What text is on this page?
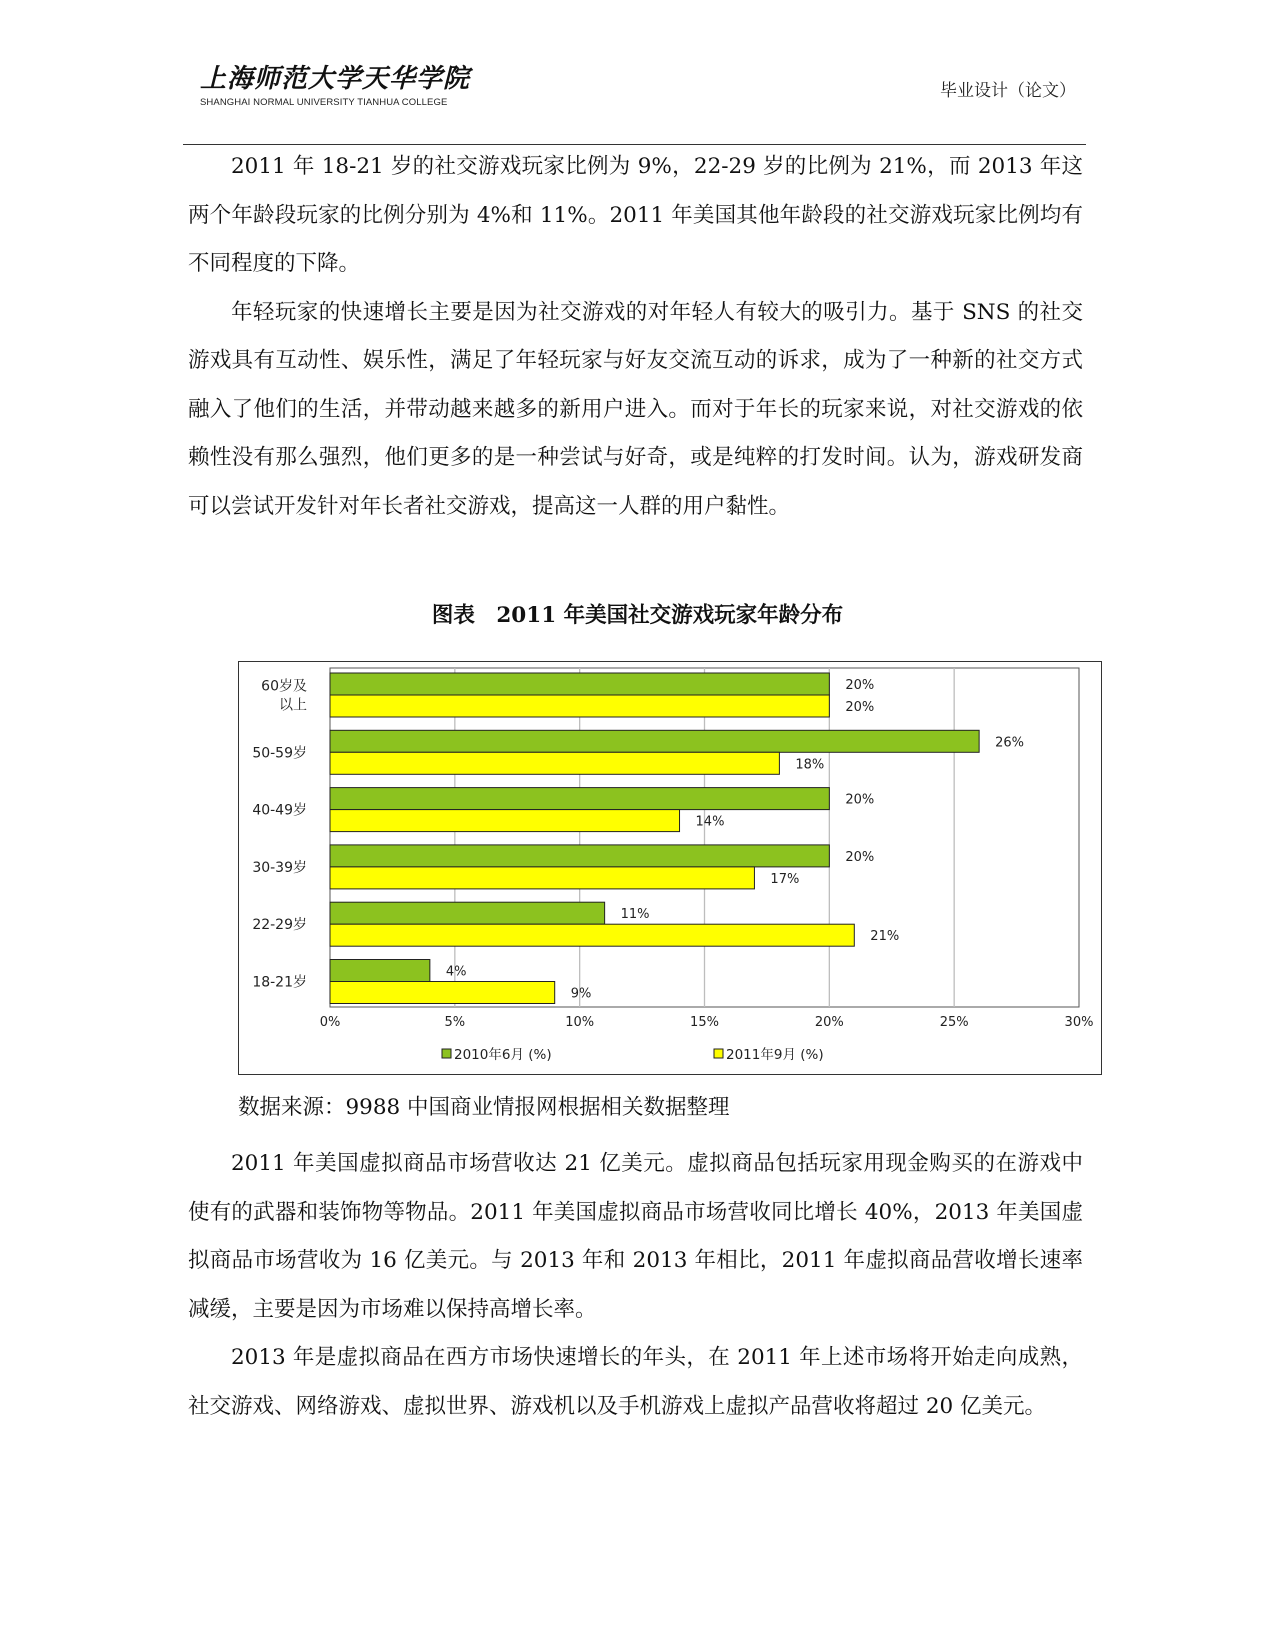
上海师范大学天华学院
SHANGHAI NORMAL UNIVERSITY TIANHUA COLLEGE
毕业设计（论文）

2011 年 18-21 岁的社交游戏玩家比例为 9%，22-29 岁的比例为 21%，而 2013 年这两个年龄段玩家的比例分别为 4%和 11%。2011 年美国其他年龄段的社交游戏玩家比例均有不同程度的下降。

年轻玩家的快速增长主要是因为社交游戏的对年轻人有较大的吸引力。基于 SNS 的社交游戏具有互动性、娱乐性，满足了年轻玩家与好友交流互动的诉求，成为了一种新的社交方式融入了他们的生活，并带动越来越多的新用户进入。而对于年长的玩家来说，对社交游戏的依赖性没有那么强烈，他们更多的是一种尝试与好奇，或是纯粹的打发时间。认为，游戏研发商可以尝试开发针对年长者社交游戏，提高这一人群的用户黏性。

图表　2011 年美国社交游戏玩家年龄分布
0%	5%	10%	15%	20%	25%	30%
20%
20%
60岁及
以上
26%
18%
50-59岁
20%
14%
40-49岁
20%
17%
30-39岁
11%
21%
22-29岁
4%
9%
18-21岁
2010年6月 (%)	2011年9月 (%)
数据来源：9988 中国商业情报网根据相关数据整理

2011 年美国虚拟商品市场营收达 21 亿美元。虚拟商品包括玩家用现金购买的在游戏中使有的武器和装饰物等物品。2011 年美国虚拟商品市场营收同比增长 40%，2013 年美国虚拟商品市场营收为 16 亿美元。与 2013 年和 2013 年相比，2011 年虚拟商品营收增长速率减缓，主要是因为市场难以保持高增长率。

2013 年是虚拟商品在西方市场快速增长的年头，在 2011 年上述市场将开始走向成熟，社交游戏、网络游戏、虚拟世界、游戏机以及手机游戏上虚拟产品营收将超过 20 亿美元。
